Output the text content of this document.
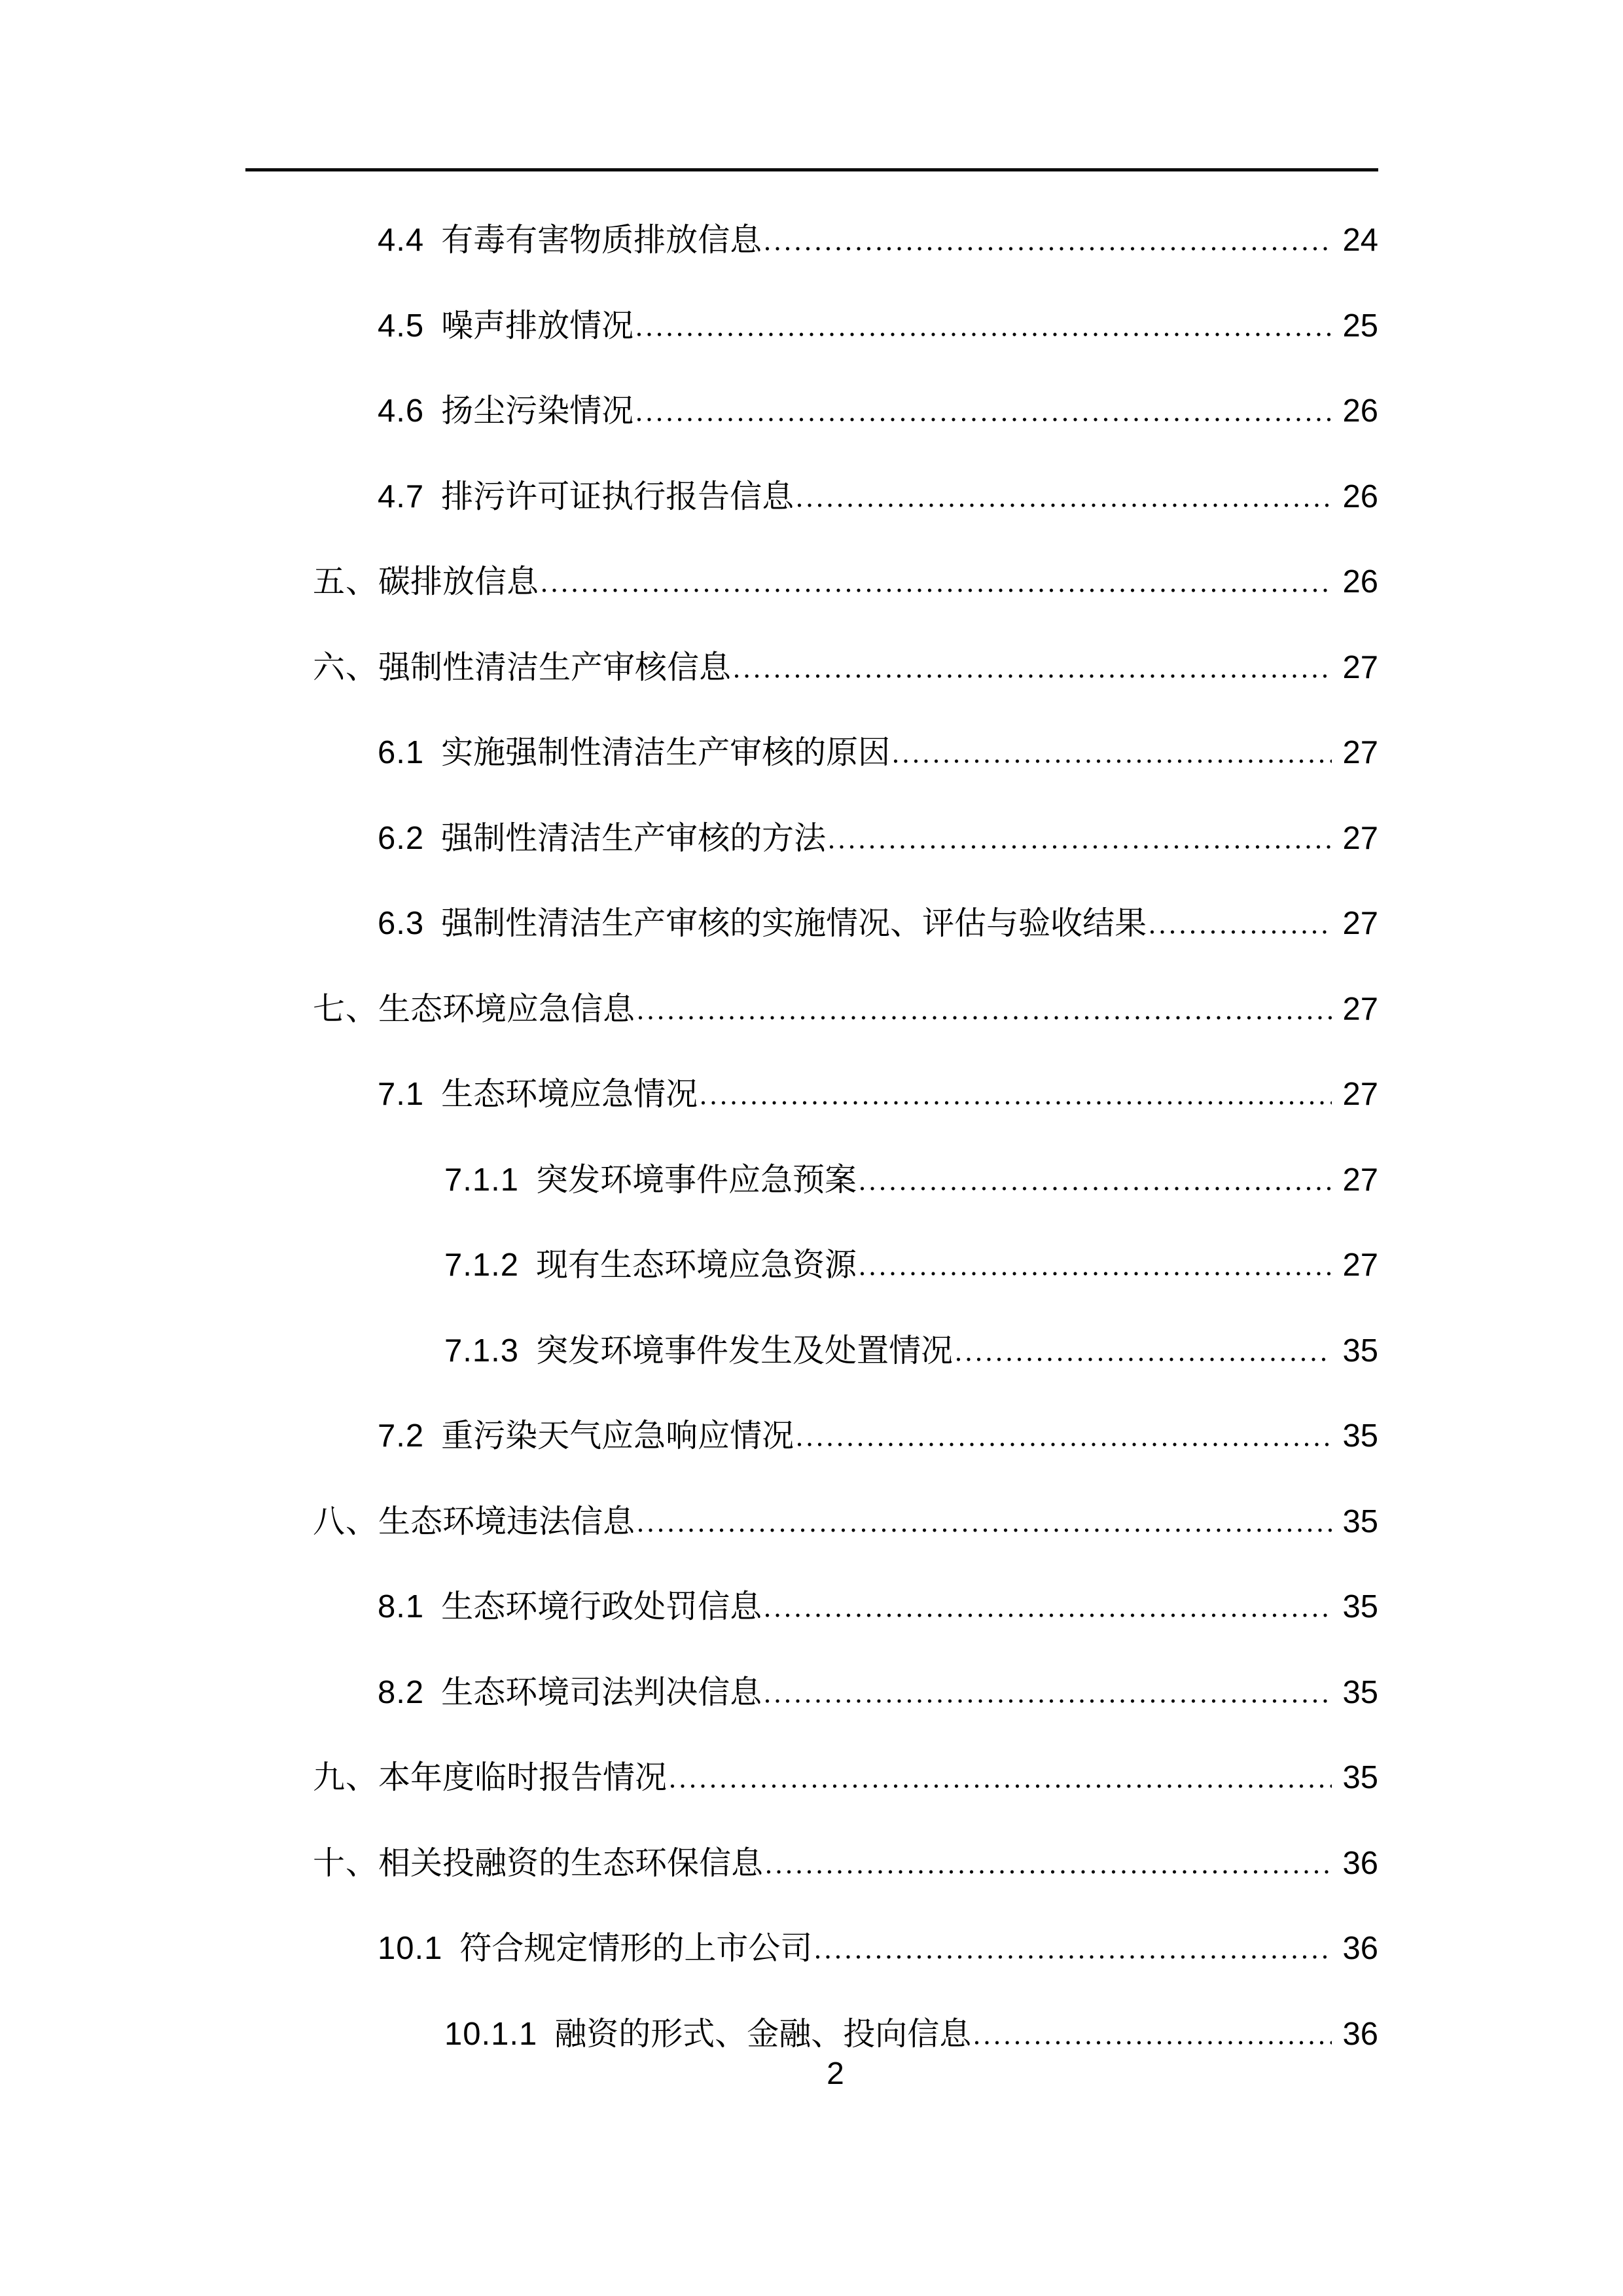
4.4 有毒有害物质排放信息	24
4.5 噪声排放情况	25
4.6 扬尘污染情况	26
4.7 排污许可证执行报告信息	26
五、 碳排放信息	26
六、 强制性清洁生产审核信息	27
6.1 实施强制性清洁生产审核的原因	27
6.2 强制性清洁生产审核的方法	27
6.3 强制性清洁生产审核的实施情况、评估与验收结果	27
七、 生态环境应急信息	27
7.1 生态环境应急情况	27
7.1.1 突发环境事件应急预案	27
7.1.2 现有生态环境应急资源	27
7.1.3 突发环境事件发生及处置情况	35
7.2 重污染天气应急响应情况	35
八、 生态环境违法信息	35
8.1 生态环境行政处罚信息	35
8.2 生态环境司法判决信息	35
九、 本年度临时报告情况	35
十、 相关投融资的生态环保信息	36
10.1 符合规定情形的上市公司	36
10.1.1 融资的形式、金融、投向信息	36
2
